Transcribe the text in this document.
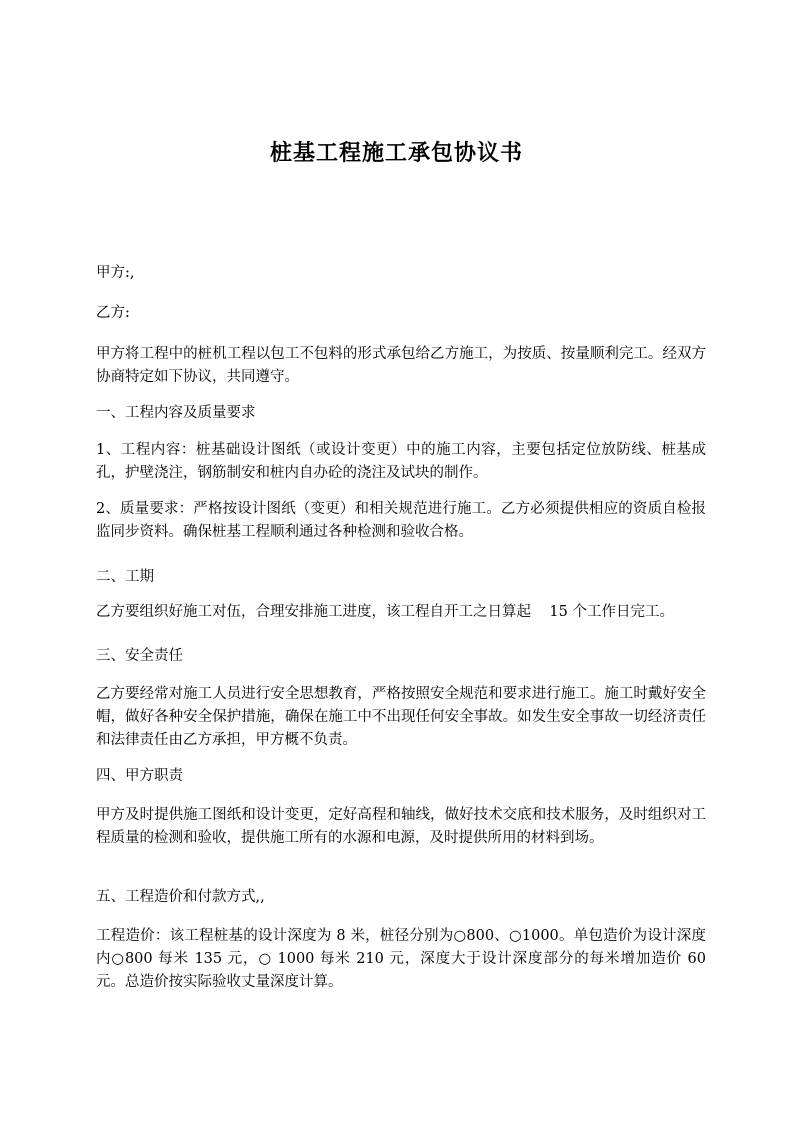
桩基工程施工承包协议书
甲方:,
乙方:
甲方将工程中的桩机工程以包工不包料的形式承包给乙方施工，为按质、按量顺利完工。经双方协商特定如下协议，共同遵守。
一、工程内容及质量要求
1、工程内容：桩基础设计图纸（或设计变更）中的施工内容，主要包括定位放防线、桩基成孔，护壁浇注，钢筋制安和桩内自办砼的浇注及试块的制作。
2、质量要求：严格按设计图纸（变更）和相关规范进行施工。乙方必须提供相应的资质自检报监同步资料。确保桩基工程顺利通过各种检测和验收合格。
二、工期
乙方要组织好施工对伍，合理安排施工进度，该工程自开工之日算起    15 个工作日完工。
三、安全责任
乙方要经常对施工人员进行安全思想教育，严格按照安全规范和要求进行施工。施工时戴好安全帽，做好各种安全保护措施，确保在施工中不出现任何安全事故。如发生安全事故一切经济责任和法律责任由乙方承担，甲方概不负责。
四、甲方职责
甲方及时提供施工图纸和设计变更，定好高程和轴线，做好技术交底和技术服务，及时组织对工程质量的检测和验收，提供施工所有的水源和电源，及时提供所用的材料到场。
五、工程造价和付款方式,,
工程造价：该工程桩基的设计深度为 8 米，桩径分别为○800、○1000。单包造价为设计深度内○800 每米 135 元，○ 1000 每米 210 元，深度大于设计深度部分的每米增加造价 60 元。总造价按实际验收丈量深度计算。
